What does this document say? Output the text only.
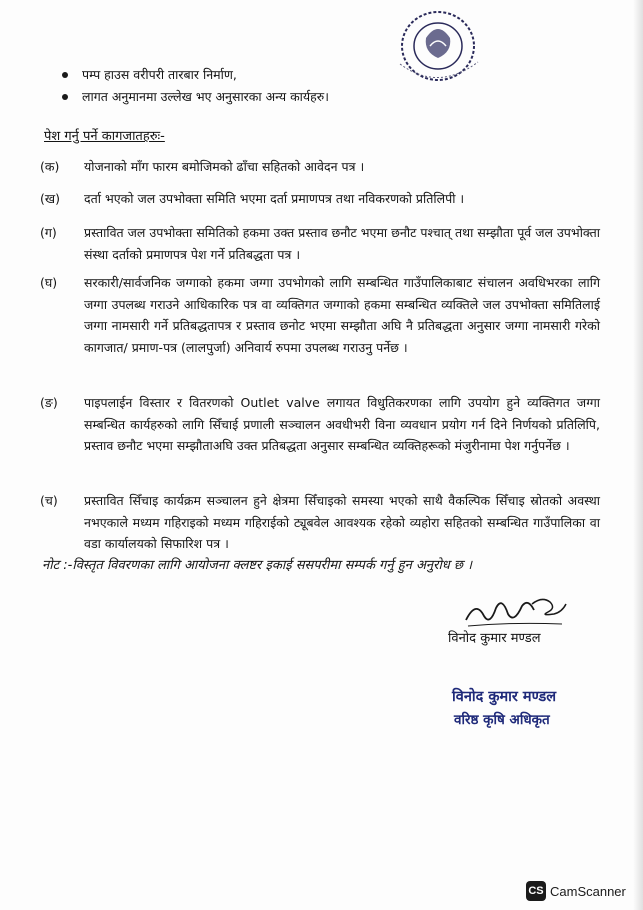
पम्प हाउस वरीपरी तारबार निर्माण,
लागत अनुमानमा उल्लेख भए अनुसारका अन्य कार्यहरु।
पेश गर्नु पर्ने कागजातहरुः-
(क)	योजनाको माँग फारम बमोजिमको ढाँचा सहितको आवेदन पत्र ।
(ख)	दर्ता भएको जल उपभोक्ता समिति भएमा दर्ता प्रमाणपत्र तथा नविकरणको प्रतिलिपी ।
(ग)	प्रस्तावित जल उपभोक्ता समितिको हकमा उक्त प्रस्ताव छनौट भएमा छनौट पश्चात् तथा सम्झौता पूर्व जल उपभोक्ता संस्था दर्ताको प्रमाणपत्र पेश गर्ने प्रतिबद्धता पत्र ।
(घ)	सरकारी/सार्वजनिक जग्गाको हकमा जग्गा उपभोगको लागि सम्बन्धित गाउँपालिकाबाट संचालन अवधिभरका लागि जग्गा उपलब्ध गराउने आधिकारिक पत्र वा व्यक्तिगत जग्गाको हकमा सम्बन्धित व्यक्तिले जल उपभोक्ता समितिलाई जग्गा नामसारी गर्ने प्रतिबद्धतापत्र र प्रस्ताव छनोट भएमा सम्झौता अघि नै प्रतिबद्धता अनुसार जग्गा नामसारी गरेको कागजात/ प्रमाण-पत्र (लालपुर्जा) अनिवार्य रुपमा उपलब्ध गराउनु पर्नेछ ।
(ङ)	पाइपलाईन विस्तार र वितरणको Outlet valve लगायत विधुतिकरणका लागि उपयोग हुने व्यक्तिगत जग्गा सम्बन्धित कार्यहरुको लागि सिँचाई प्रणाली सञ्चालन अवधीभरी विना व्यवधान प्रयोग गर्न दिने निर्णयको प्रतिलिपि, प्रस्ताव छनौट भएमा सम्झौताअघि उक्त प्रतिबद्धता अनुसार सम्बन्धित व्यक्तिहरूको मंजुरीनामा पेश गर्नुपर्नेछ ।
(च)	प्रस्तावित सिँचाइ कार्यक्रम सञ्चालन हुने क्षेत्रमा सिँचाइको समस्या भएको साथै वैकल्पिक सिँचाइ स्रोतको अवस्था नभएकाले मध्यम गहिराइको मध्यम गहिराईको ट्यूबवेल आवश्यक रहेको व्यहोरा सहितको सम्बन्धित गाउँपालिका वा वडा कार्यालयको सिफारिश पत्र ।
नोट :-विस्तृत विवरणका लागि आयोजना क्लष्टर इकाई ससपरीमा सम्पर्क गर्नु हुन अनुरोध छ ।
विनोद कुमार मण्डल
विनोद कुमार मण्डल
वरिष्ठ कृषि अधिकृत
CS CamScanner
